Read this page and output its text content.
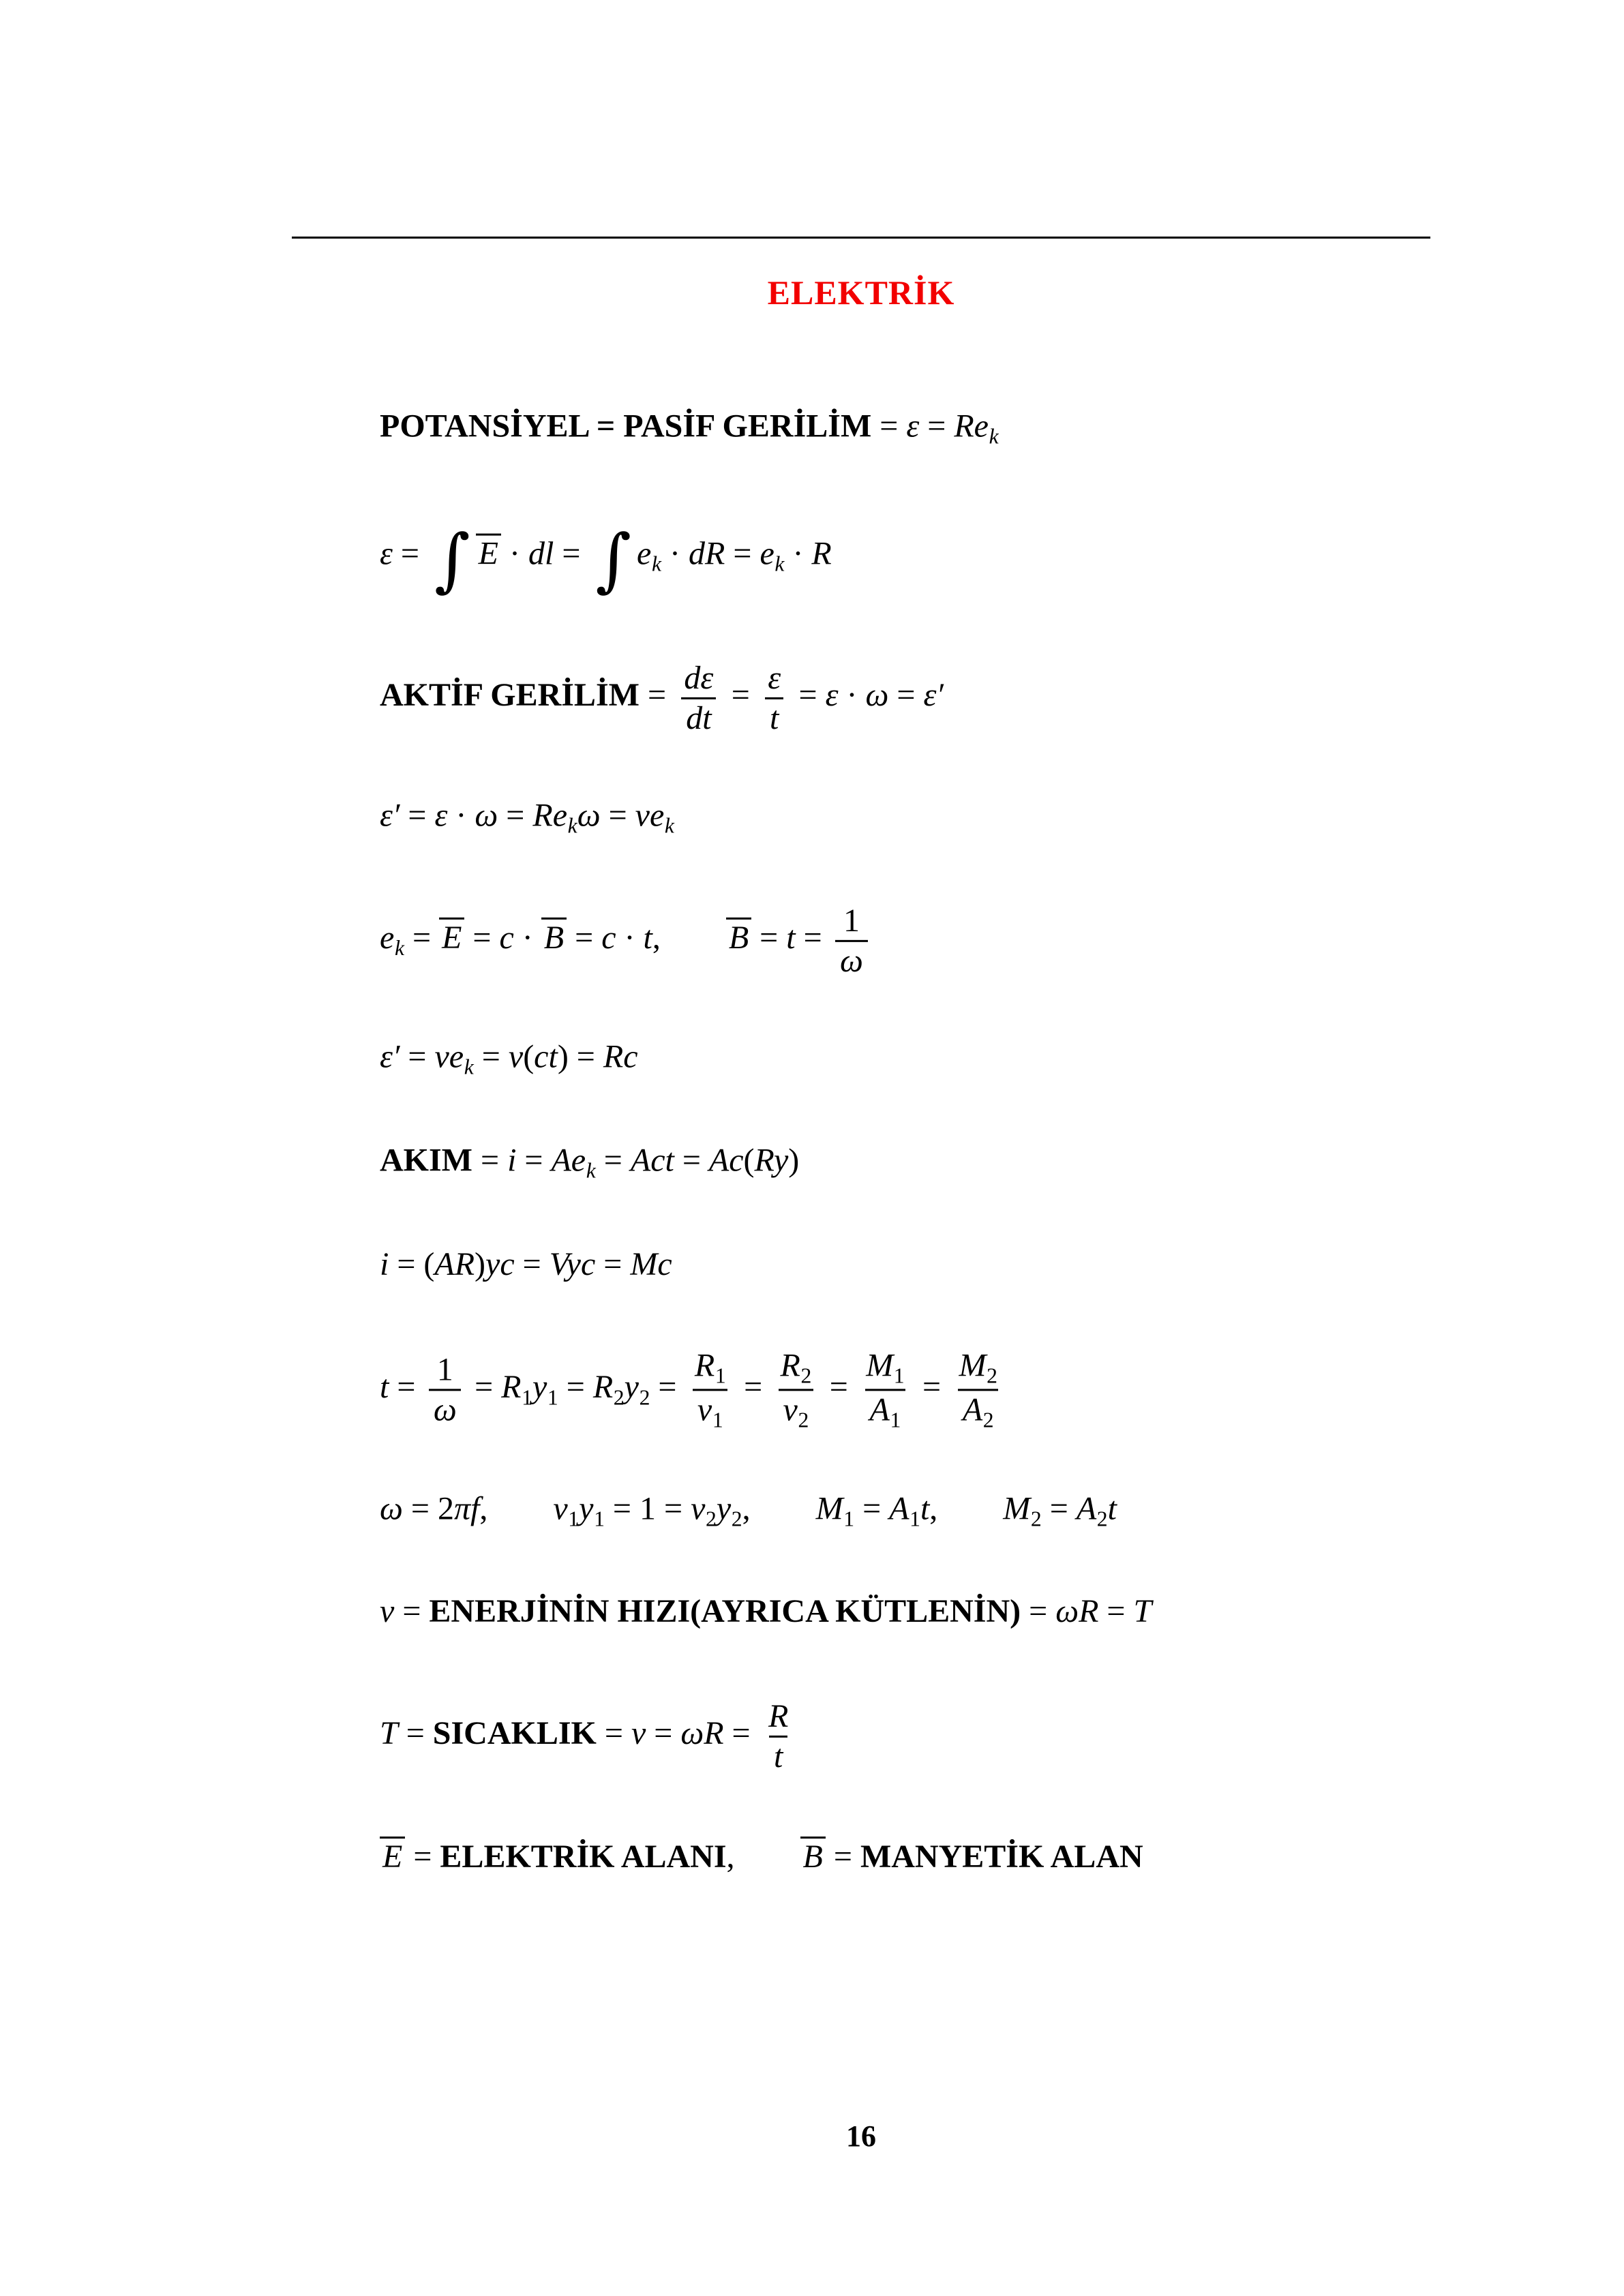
ELEKTRİK
POTANSİYEL = PASİF GERİLİM = $\varepsilon = Re_k$
ε = ∫ E · dl = ∫ $e_k$ · dR = $e_k \cdot R$
AKTİF GERİLİM = $\frac{d\varepsilon}{dt} = \frac{\varepsilon}{t} = \varepsilon \cdot \omega = \varepsilon'$
$\varepsilon' = \varepsilon \cdot \omega = Re_k\omega = ve_k$
$e_k = E = c \cdot B = c \cdot t$, $B = t = \frac{1}{\omega}$
$\varepsilon' = ve_k = v(ct) = Rc$
AKIM = $i = Ae_k$ = Act = Ac(Ry)
i = (AR)yc = Vyc = Mc
$t = \frac{1}{\omega} = R_1y_1 = R_2y_2 = \frac{R_1}{v_1} = \frac{R_2}{v_2} = \frac{M_1}{A_1} = \frac{M_2}{A_2}$
ω = 2πf, $v_1y_1 = 1 = v_2y_2$, $M_1 = A_1t$, $M_2 = A_2t$
v = ENERJİNİN HIZI(AYRICA KÜTLENİN) = ωR = T
T = SICAKLIK = $v = \omega R = \frac{R}{t}$
E = ELEKTRİK ALANI, B = MANYETİK ALAN
16
